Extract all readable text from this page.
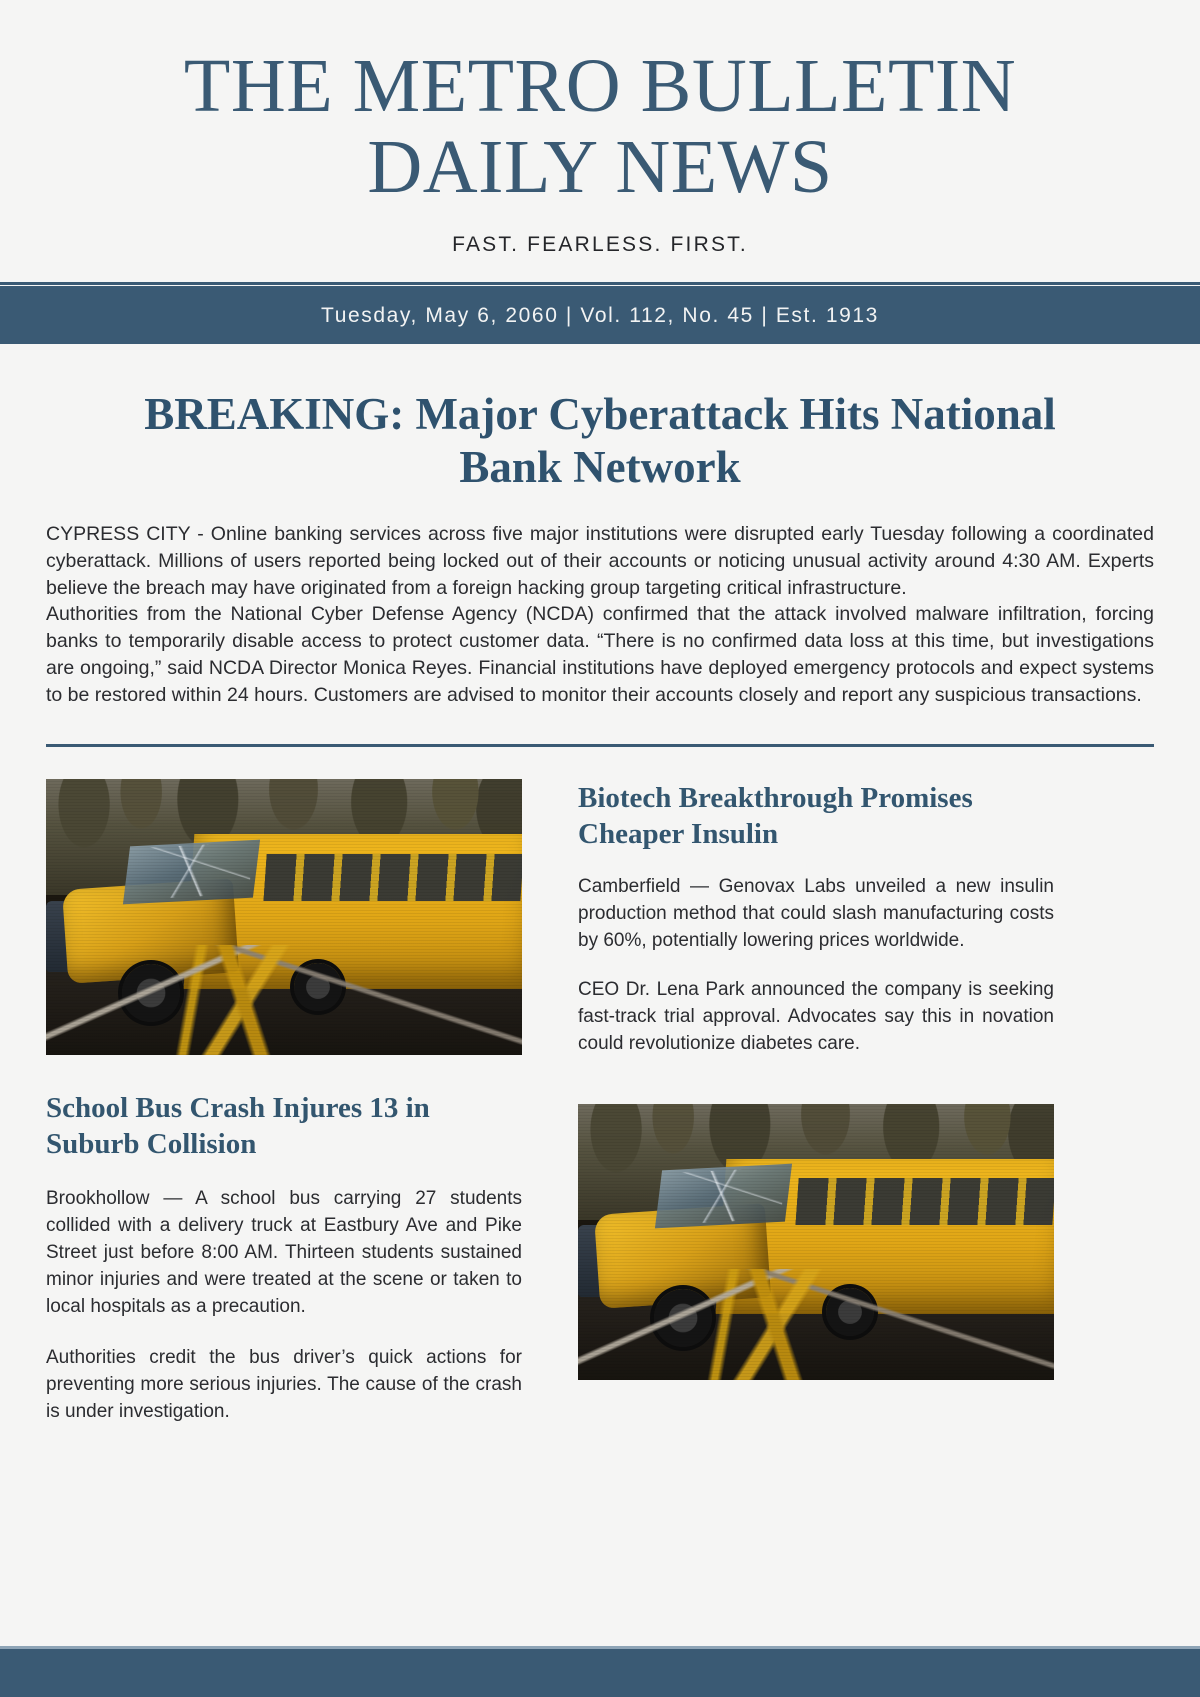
THE METRO BULLETIN
DAILY NEWS
FAST. FEARLESS. FIRST.
Tuesday, May 6, 2060 | Vol. 112, No. 45 | Est. 1913
BREAKING: Major Cyberattack Hits National Bank Network

CYPRESS CITY - Online banking services across five major institutions were disrupted early Tuesday following a coordinated cyberattack. Millions of users reported being locked out of their accounts or noticing unusual activity around 4:30 AM. Experts believe the breach may have originated from a foreign hacking group targeting critical infrastructure.

Authorities from the National Cyber Defense Agency (NCDA) confirmed that the attack involved malware infiltration, forcing banks to temporarily disable access to protect customer data. “There is no confirmed data loss at this time, but investigations are ongoing,” said NCDA Director Monica Reyes. Financial institutions have deployed emergency protocols and expect systems to be restored within 24 hours. Customers are advised to monitor their accounts closely and report any suspicious transactions.

School Bus Crash Injures 13 in Suburb Collision

Brookhollow — A school bus carrying 27 students collided with a delivery truck at Eastbury Ave and Pike Street just before 8:00 AM. Thirteen students sustained minor injuries and were treated at the scene or taken to local hospitals as a precaution.

Authorities credit the bus driver’s quick actions for preventing more serious injuries. The cause of the crash is under investigation.

Biotech Breakthrough Promises Cheaper Insulin

Camberfield — Genovax Labs unveiled a new insulin production method that could slash manufacturing costs by 60%, potentially lowering prices worldwide.

CEO Dr. Lena Park announced the company is seeking fast-track trial approval. Advocates say this in novation could revolutionize diabetes care.
